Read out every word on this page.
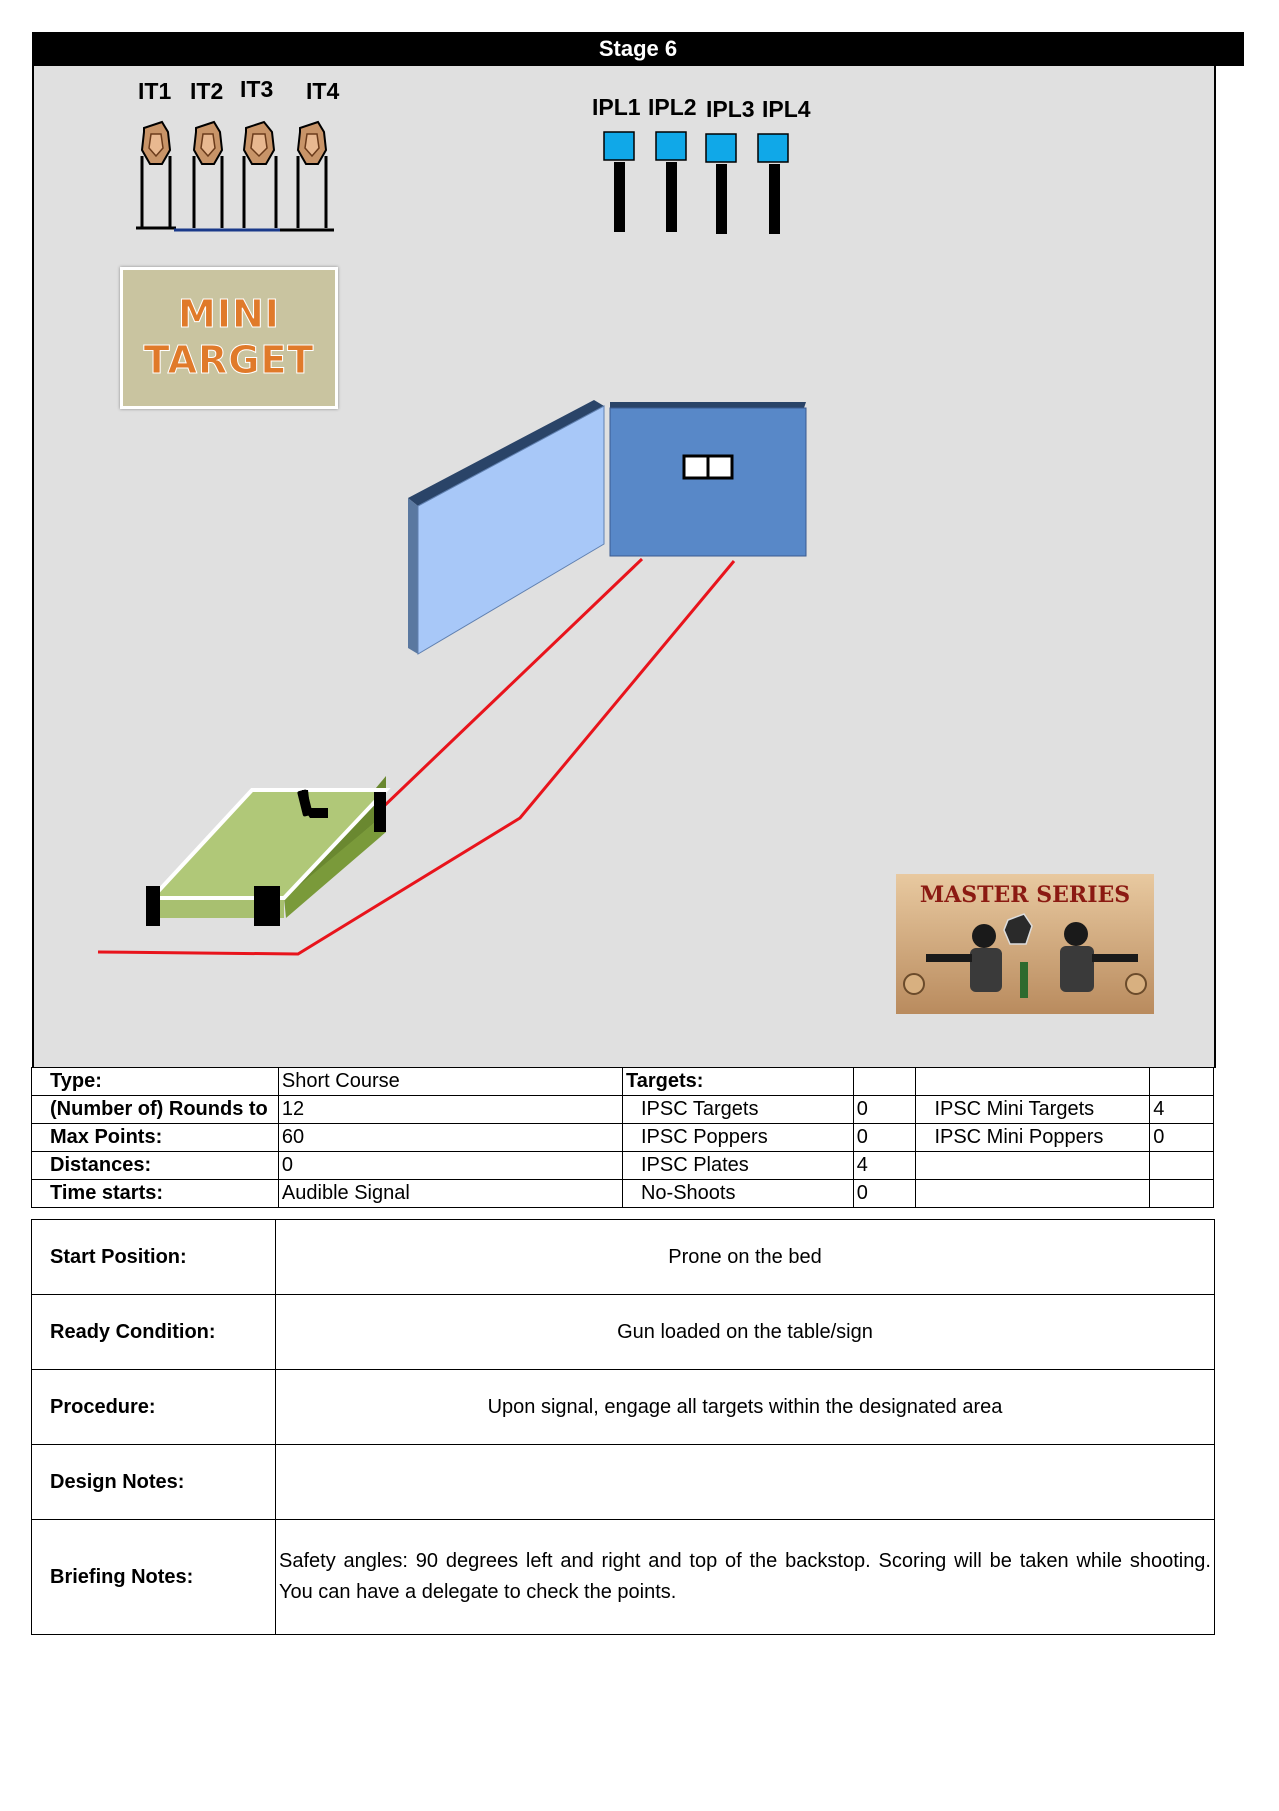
Stage 6
IT1 IT2 IT3 IT4
IPL1 IPL2 IPL3 IPL4
MINI
TARGET
MASTER SERIES
Type:	Short Course	Targets:			
(Number of) Rounds to	12	IPSC Targets	0	IPSC Mini Targets	4
Max Points:	60	IPSC Poppers	0	IPSC Mini Poppers	0
Distances:	0	IPSC Plates	4		
Time starts:	Audible Signal	No-Shoots	0		
Start Position:	Prone on the bed
Ready Condition:	Gun loaded on the table/sign
Procedure:	Upon signal, engage all targets within the designated area
Design Notes:	
Briefing Notes:	Safety angles: 90 degrees left and right and top of the backstop. Scoring will be taken while shooting. You can have a delegate to check the points.
